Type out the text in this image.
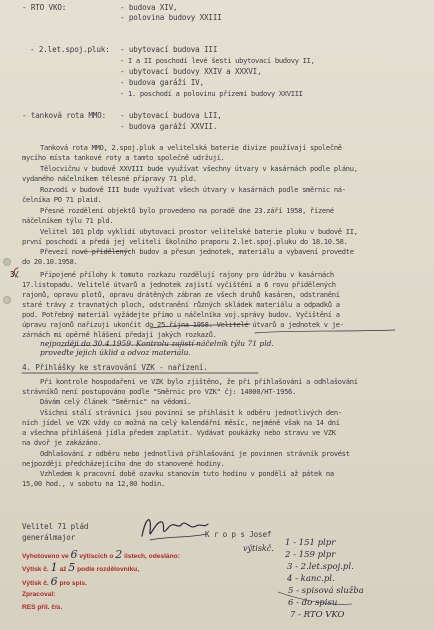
- RTO VKO:	- budova XIV,
- polovina budovy XXIII
- 2.let.spoj.pluk: - ubytovací budova III
- I a II poschodí levé šesti ubytovací budovy II,
- ubytovací budovy XXIV a XXXVI,
- budova garáží IV,
- 1. poschodí a polovinu přízemí budovy XXVIII
- tanková rota MMO: - ubytovací budova LII,
- budova garáží XXVII.
Tanková rota MMO, 2.spoj.pluk a velitelská baterie divize používají společně
mycího místa tankové roty a tamto společně udržují.
Tělocvičnu v budově XXVIII bude využívat všechny útvary v kasárnách podle plánu,
vydaného náčelníkem tělesné přípravy 71 pld.
Rozvodí v budově III bude využívat všech útvary v kasárnách podle směrnic ná-
čelníka PO 71 plaid.
Přesné rozdělení objektů bylo provedeno na poradě dne 23.září 1958, řízené
náčelníkem týlu 71 pld.
Velitel 101 pldp vyklidí ubytovací prostor velitelské baterie pluku v budově II,
první poschodí a předá jej veliteli školního praporu 2.let.spoj.pluku do 18.10.58.
Převezí nové přidělených budov a přesun jednotek, materiálu a vybavení provedte
do 20.10.1958.
3/	Připojené přílohy k tomuto rozkazu rozdělují rajony pro údržbu v kasárnách
17.listopadu. Velitelé útvarů a jednotek zajistí vyčištění a 6 rovu přidělených
rajonů, opravu plotů, opravu drátěných zábran ze všech druhů kasáren, odstranění
staré trávy z travnatých ploch, odstranění různých skládek materiálu a odpadků a
pod. Potřebný materiál vyžádejte přímo u náčelníka voj.správy budov. Vyčištění a
úpravu rajonů nařizuji ukončit do 25.října 1958. Velitelé útvarů a jednotek v je-
zárnách mi opěrně hlášení předají jakých rozkazů.
nejpozději do 30.4.1959. Kontrolu zajistí náčelník týlu 71 pld.
proveďte jejich úklid a odvoz materiálu.
4. Přihlášky ke stravování VZK - nařízení.
Při kontrole hospodaření ve VZK bylo zjištěno, že při přihlašování a odhlašování
strávníků není postupováno podle "Směrnic pro VZK" čj: 14000/HT-1956.
Dávám celý článek "Směrnic" na vědomí.
Všichni stálí strávníci jsou povinni se přihlásit k odběru jednotlivých den-
ních jídel ve VZK vždy co možná na celý kalendářní měsíc, nejméně však na 14 dní
a všechna přihlášená jídla předem zaplatit. Vydávat poukázky nebo stravu ve VZK
na dvoř je zakázáno.
Odhlašování z odběru nebo jednotlivá přihlašování je povinnen strávník provést
nejpozději předcházejícího dne do stanovené hodiny.
Vzhledem k pracovní době ozavku stanovím tuto hodinu v pondělí až pátek na
15,00 hod., v sobotu na 12,00 hodin.
Velitel 71 plád
generálmajor	K r o p s Josef
Vyhotoveno ve 6 výtiscích o 2 listech, odesláno:
Výtisk č. 1 až 5 podle rozdělovníku,
Výtisk č. 6 pro spis.
Zpracoval:
RES přil. čís.
výtiskč.
1 - 151 plpr
2 - 159 plpr
3 - 2.let.spoj.pl.
4 - kanc.pl.
5 - spisová služba
6 - do spisu
7 - RTO VKO
